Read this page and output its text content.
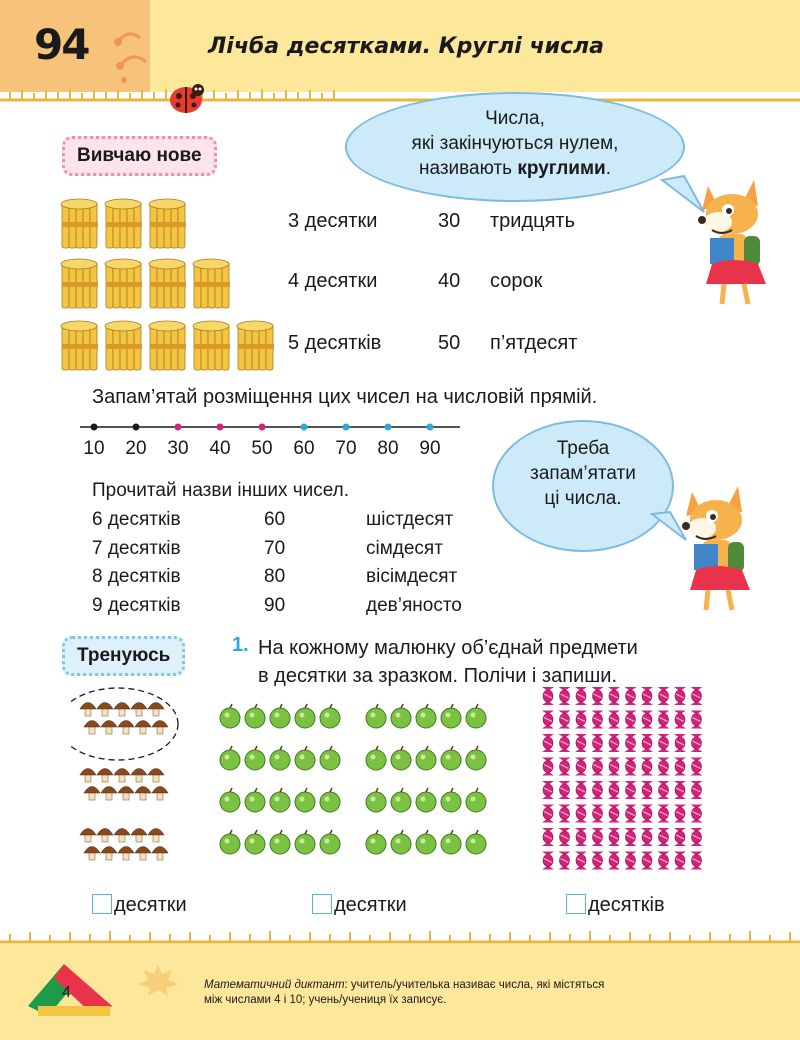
94	Лічба десятками. Круглі числа
Вивчаю нове
Числа,
які закінчуються нулем,
називають круглими.
3 десятки	30 тридцять
4 десятки	40 сорок
5 десятків	50 п’ятдесят
Запам’ятай розміщення цих чисел на числовій прямій.
10 20 30 40 50 60 70 80 90	Треба
запам’ятати
ці числа.
Прочитай назви інших чисел.
6 десятків	60	шістдесят
7 десятків	70	сімдесят
8 десятків	80	вісімдесят
9 десятків	90	дев’яносто
Тренуюсь	1. На кожному малюнку об’єднай предмети
в десятки за зразком. Полічи і запиши.
десятки	десятки	десятків
4	Математичний диктант: учитель/учителька називає числа, які містяться
між числами 4 і 10; учень/учениця їх записує.
